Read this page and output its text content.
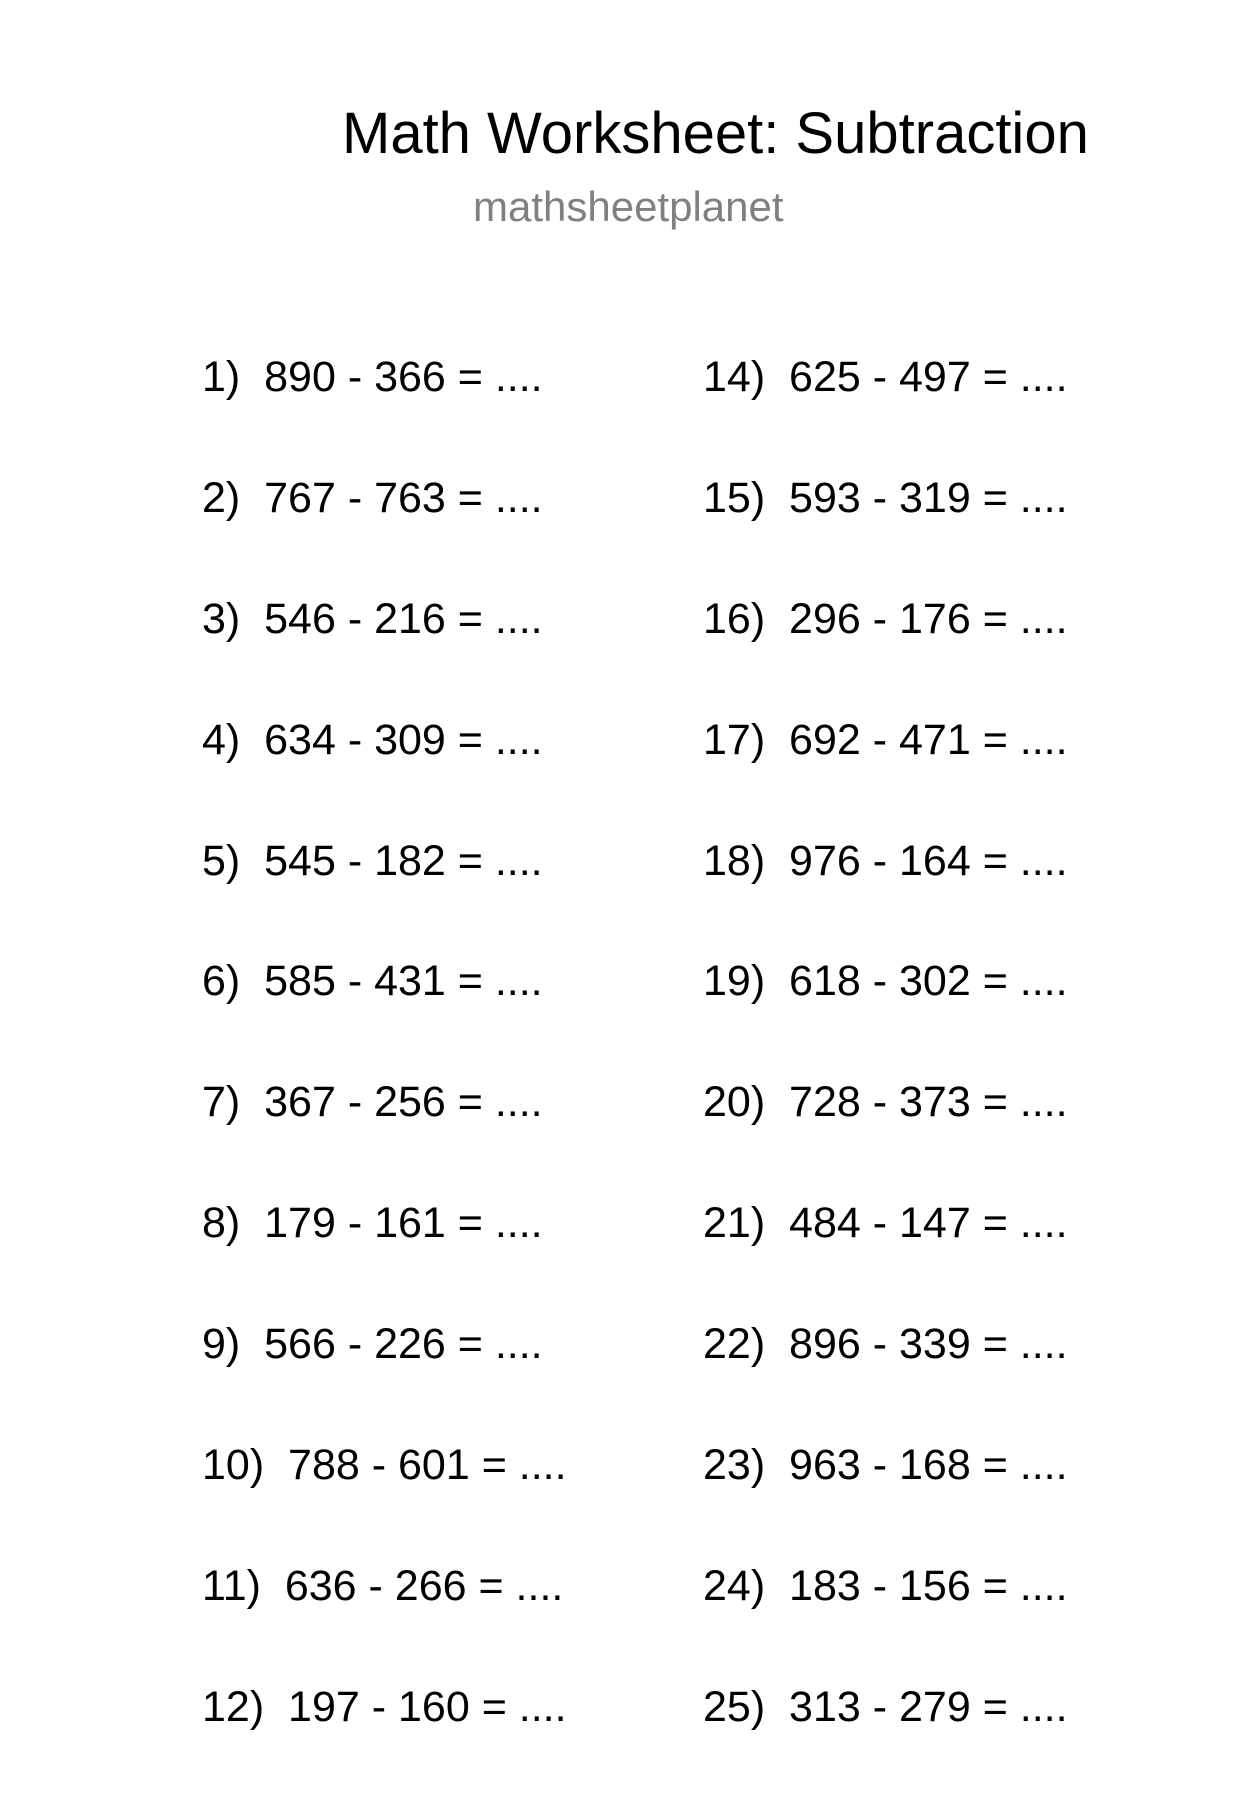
Math Worksheet: Subtraction
mathsheetplanet
1)  890 - 366 = ....
2)  767 - 763 = ....
3)  546 - 216 = ....
4)  634 - 309 = ....
5)  545 - 182 = ....
6)  585 - 431 = ....
7)  367 - 256 = ....
8)  179 - 161 = ....
9)  566 - 226 = ....
10)  788 - 601 = ....
11)  636 - 266 = ....
12)  197 - 160 = ....
14)  625 - 497 = ....
15)  593 - 319 = ....
16)  296 - 176 = ....
17)  692 - 471 = ....
18)  976 - 164 = ....
19)  618 - 302 = ....
20)  728 - 373 = ....
21)  484 - 147 = ....
22)  896 - 339 = ....
23)  963 - 168 = ....
24)  183 - 156 = ....
25)  313 - 279 = ....
